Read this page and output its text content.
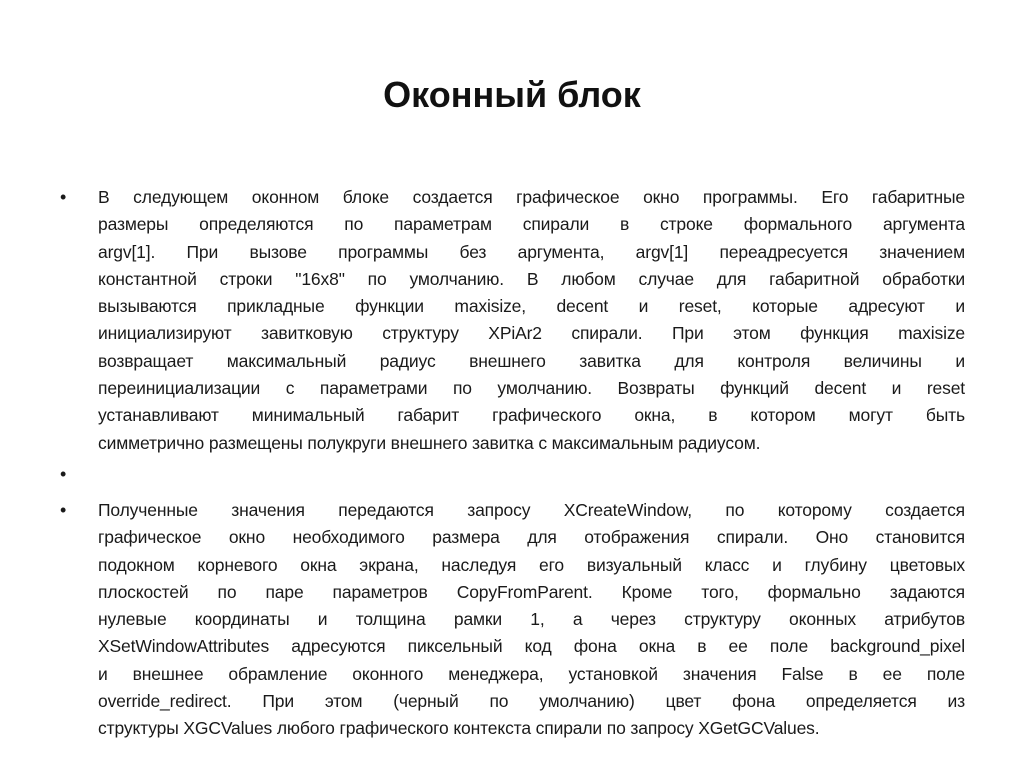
Оконный блок
• В следующем оконном блоке создается графическое окно программы. Его габаритные
размеры определяются по параметрам спирали в строке формального аргумента
argv[1]. При вызове программы без аргумента, argv[1] переадресуется значением
константной строки "16x8" по умолчанию. В любом случае для габаритной обработки
вызываются прикладные функции maxisize, decent и reset, которые адресуют и
инициализируют завитковую структуру XPiAr2 спирали. При этом функция maxisize
возвращает максимальный радиус внешнего завитка для контроля величины и
переинициализации с параметрами по умолчанию. Возвраты функций decent и reset
устанавливают минимальный габарит графического окна, в котором могут быть
симметрично размещены полукруги внешнего завитка с максимальным радиусом.
•
• Полученные значения передаются запросу XCreateWindow, по которому создается
графическое окно необходимого размера для отображения спирали. Оно становится
подокном корневого окна экрана, наследуя его визуальный класс и глубину цветовых
плоскостей по паре параметров CopyFromParent. Кроме того, формально задаются
нулевые координаты и толщина рамки 1, а через структуру оконных атрибутов
XSetWindowAttributes адресуются пиксельный код фона окна в ее поле background_pixel
и внешнее обрамление оконного менеджера, установкой значения False в ее поле
override_redirect. При этом (черный по умолчанию) цвет фона определяется из
структуры XGCValues любого графического контекста спирали по запросу XGetGCValues.
